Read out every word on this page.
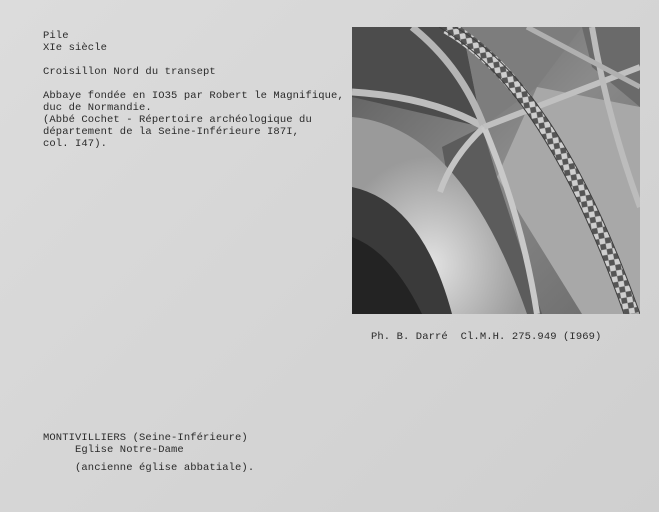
Pile
XIe siècle
Croisillon Nord du transept
Abbaye fondée en IO35 par Robert le Magnifique,
duc de Normandie.
(Abbé Cochet - Répertoire archéologique du
département de la Seine-Inférieure I87I,
col. I47).
Ph. B. Darré  Cl.M.H. 275.949 (I969)
MONTIVILLIERS (Seine-Inférieure)
Eglise Notre-Dame
(ancienne église abbatiale).
